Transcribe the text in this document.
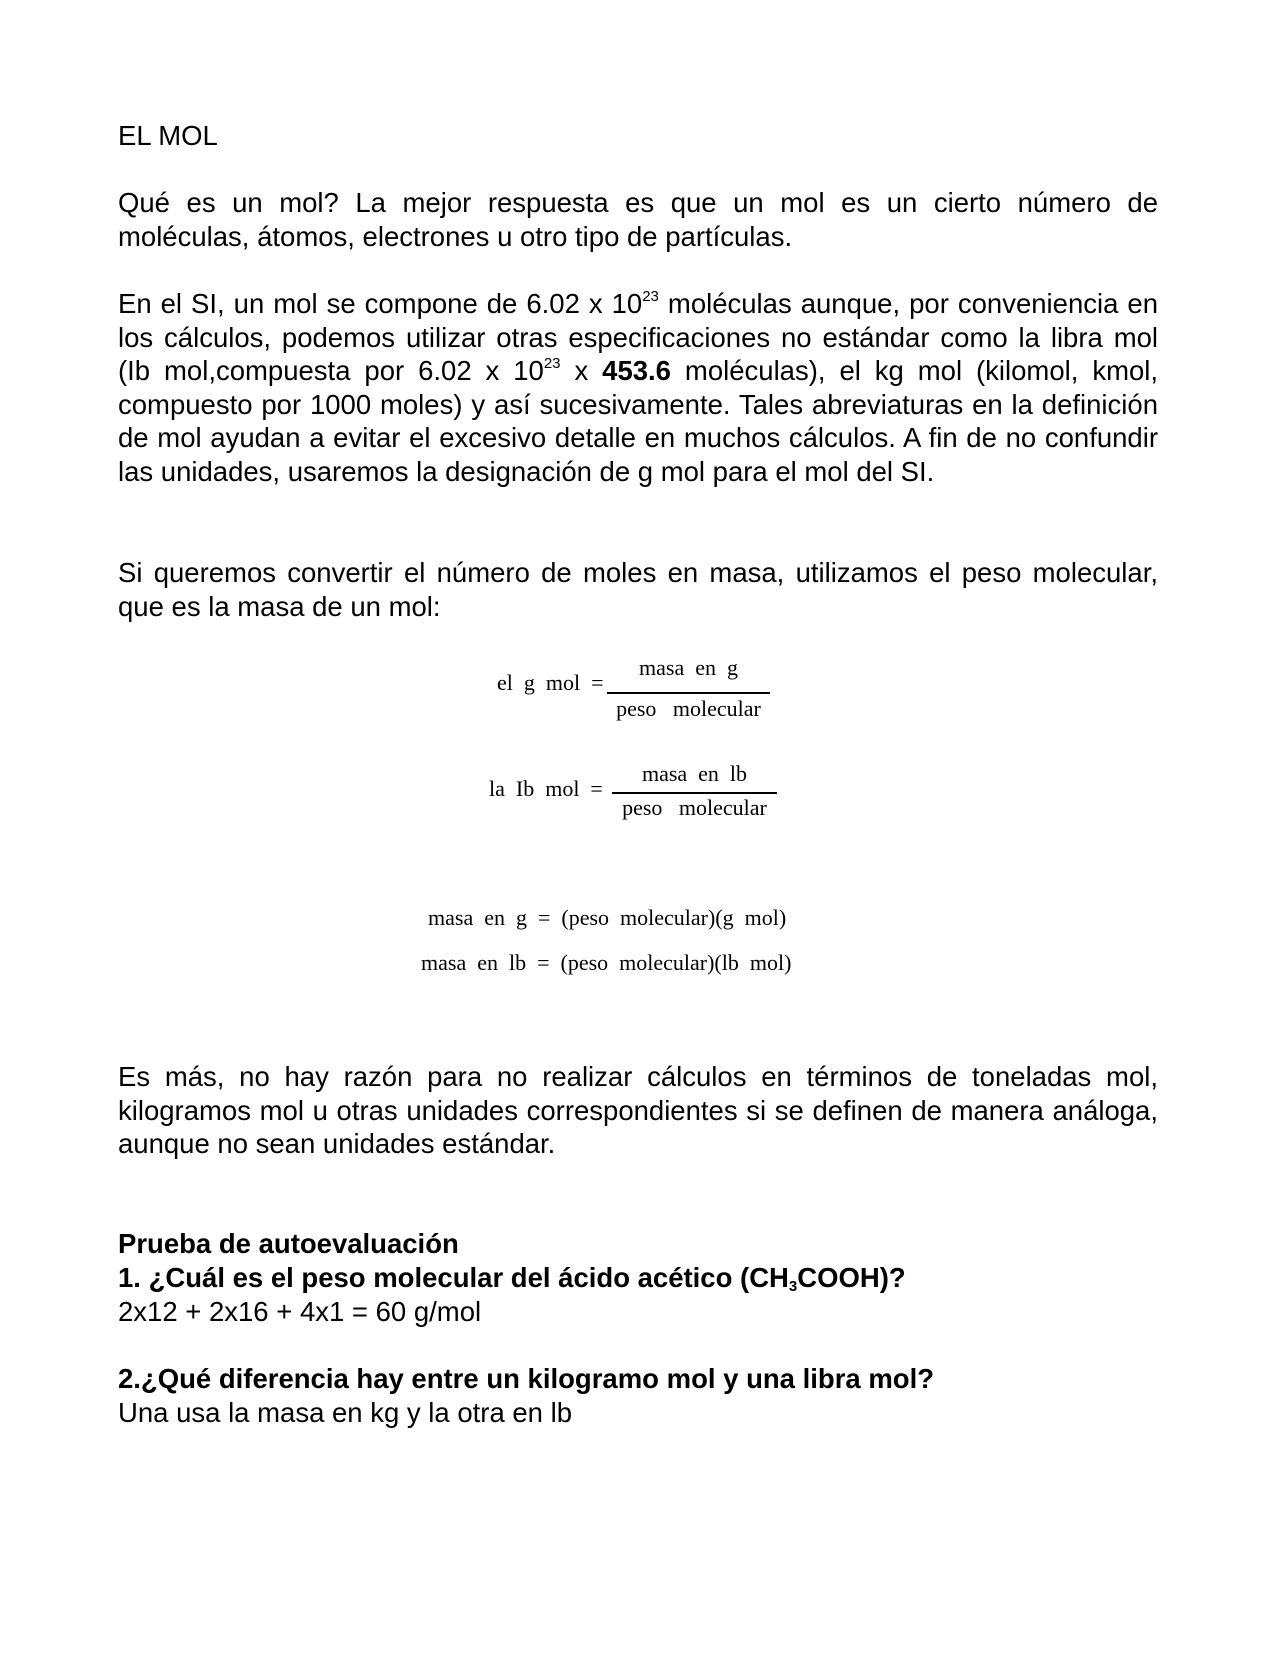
EL MOL
Qué es un mol? La mejor respuesta es que un mol es un cierto número de moléculas, átomos, electrones u otro tipo de partículas.
En el SI, un mol se compone de 6.02 x $10^{23}$ moléculas aunque, por conveniencia en los cálculos, podemos utilizar otras especificaciones no estándar como la libra mol (Ib mol,compuesta por 6.02 x $10^{23}$ x 453.6 moléculas), el kg mol (kilomol, kmol, compuesto por 1000 moles) y así sucesivamente. Tales abreviaturas en la definición de mol ayudan a evitar el excesivo detalle en muchos cálculos. A fin de no confundir las unidades, usaremos la designación de g mol para el mol del SI.
Si queremos convertir el número de moles en masa, utilizamos el peso molecular, que es la masa de un mol:
el  g  mol  =
masa  en  g
peso   molecular
la  Ib  mol  =
masa  en  lb
peso   molecular
masa  en  g  =  (peso  molecular)(g  mol)
masa  en  lb  =  (peso  molecular)(lb  mol)
Es más, no hay razón para no realizar cálculos en términos de toneladas mol, kilogramos mol u otras unidades correspondientes si se definen de manera análoga, aunque no sean unidades estándar.
Prueba de autoevaluación
1. ¿Cuál es el peso molecular del ácido acético $(CH_3COOH)$?
2x12 + 2x16 + 4x1 = 60 g/mol
2.¿Qué diferencia hay entre un kilogramo mol y una libra mol?
Una usa la masa en kg y la otra en lb
